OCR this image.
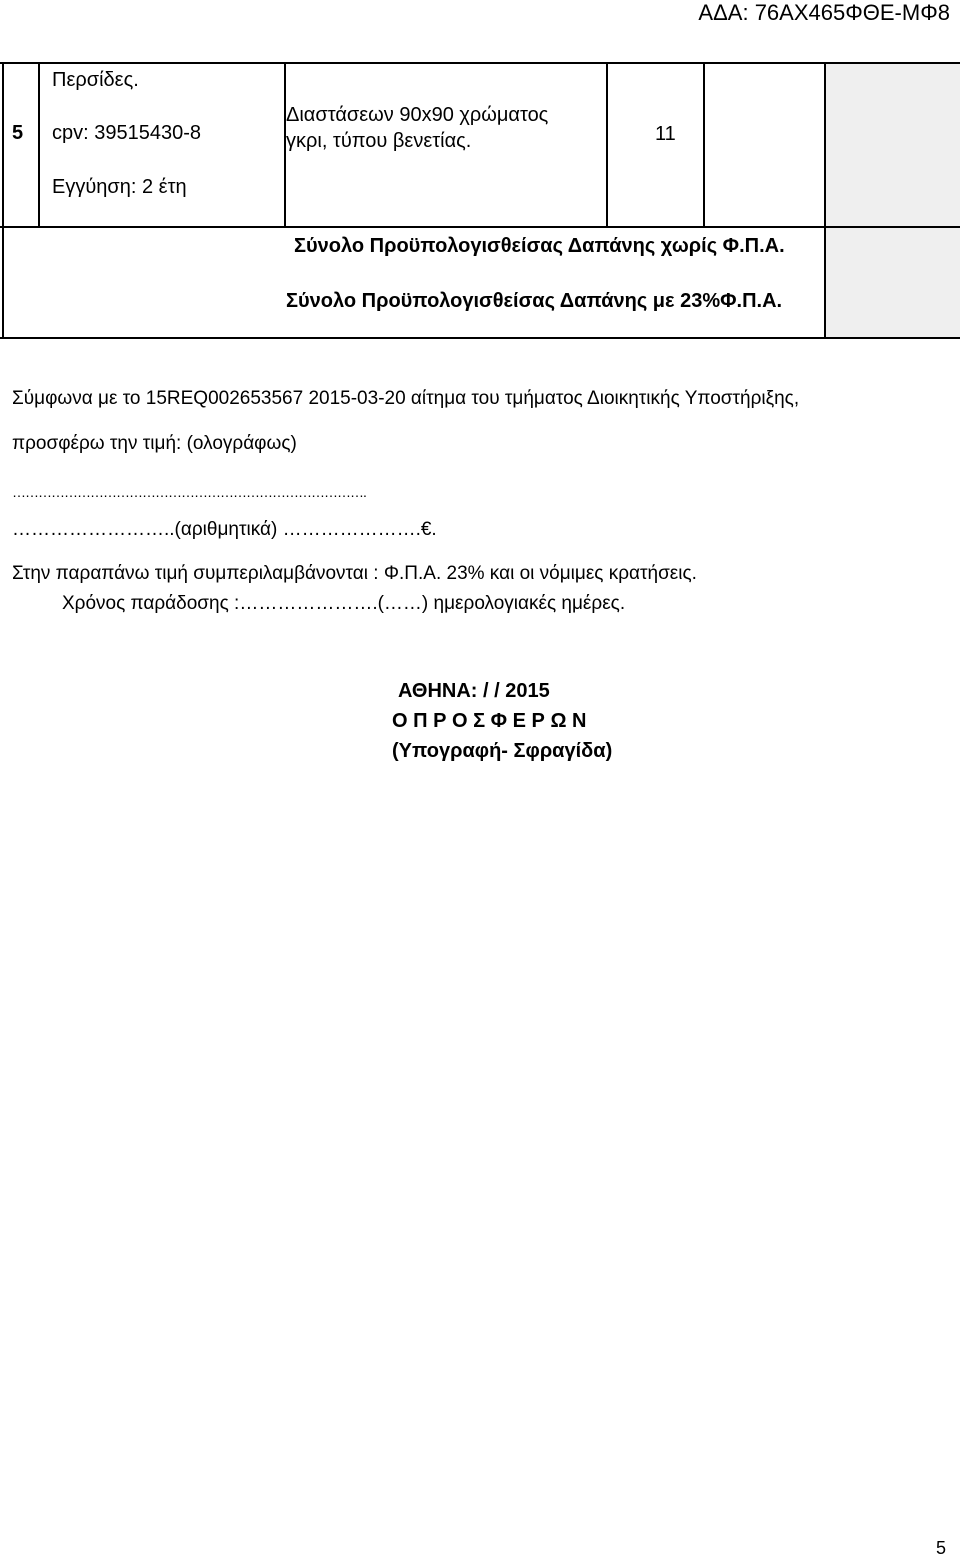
ΑΔΑ: 76ΑΧ465ΦΘΕ-ΜΦ8
5
Περσίδες.
cpv: 39515430-8
Εγγύηση: 2 έτη
Διαστάσεων 90x90 χρώματος
γκρι, τύπου βενετίας.	11
Σύνολο Προϋπολογισθείσας Δαπάνης χωρίς Φ.Π.Α.
Σύνολο Προϋπολογισθείσας Δαπάνης με 23%Φ.Π.Α.
Σύμφωνα με το 15REQ002653567 2015-03-20 αίτημα του τμήματος Διοικητικής Υποστήριξης,
προσφέρω την τιμή: (ολογράφως)
……………………………………………………………………….
……………………..(αριθμητικά) ………………….€.
Στην παραπάνω τιμή συμπεριλαμβάνονται : Φ.Π.Α. 23% και οι νόμιμες κρατήσεις.
Χρόνος παράδοσης :………………….(……) ημερολογιακές ημέρες.
ΑΘΗΝΑ: / / 2015
Ο Π Ρ Ο Σ Φ Ε Ρ Ω Ν
(Υπογραφή- Σφραγίδα)
5
